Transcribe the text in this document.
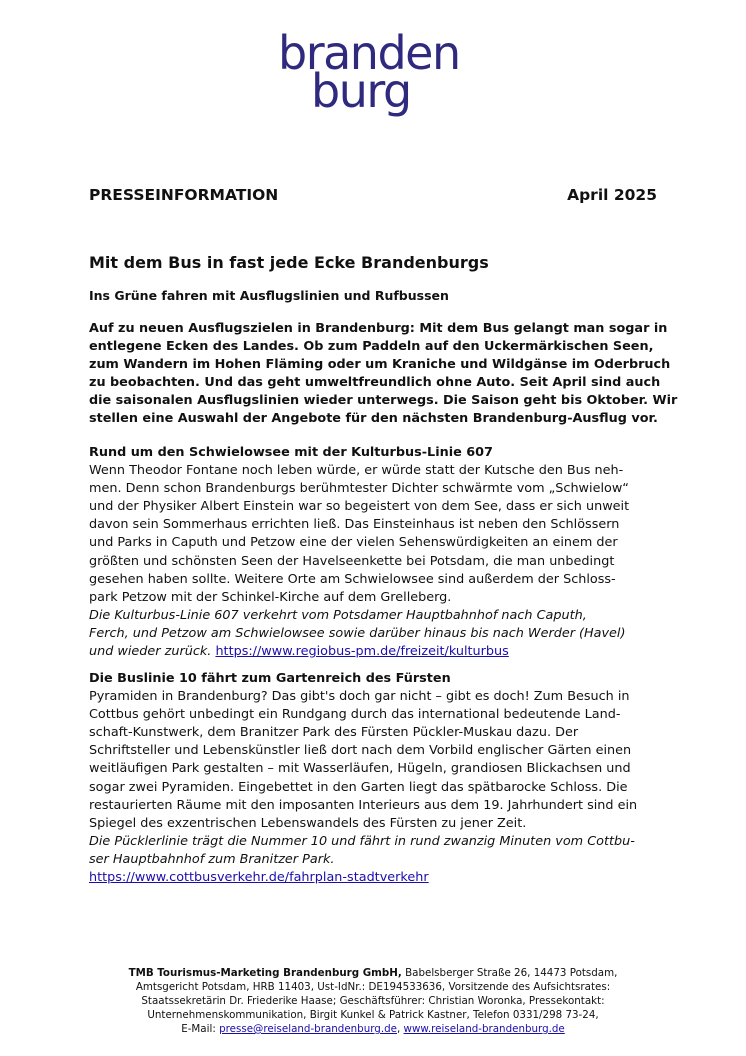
branden
burg
PRESSEINFORMATION	April 2025
Mit dem Bus in fast jede Ecke Brandenburgs
Ins Grüne fahren mit Ausflugslinien und Rufbussen
Auf zu neuen Ausflugszielen in Brandenburg: Mit dem Bus gelangt man sogar in
entlegene Ecken des Landes. Ob zum Paddeln auf den Uckermärkischen Seen,
zum Wandern im Hohen Fläming oder um Kraniche und Wildgänse im Oderbruch
zu beobachten. Und das geht umweltfreundlich ohne Auto. Seit April sind auch
die saisonalen Ausflugslinien wieder unterwegs. Die Saison geht bis Oktober. Wir
stellen eine Auswahl der Angebote für den nächsten Brandenburg-Ausflug vor.
Rund um den Schwielowsee mit der Kulturbus-Linie 607
Wenn Theodor Fontane noch leben würde, er würde statt der Kutsche den Bus neh-
men. Denn schon Brandenburgs berühmtester Dichter schwärmte vom „Schwielow“
und der Physiker Albert Einstein war so begeistert von dem See, dass er sich unweit
davon sein Sommerhaus errichten ließ. Das Einsteinhaus ist neben den Schlössern
und Parks in Caputh und Petzow eine der vielen Sehenswürdigkeiten an einem der
größten und schönsten Seen der Havelseenkette bei Potsdam, die man unbedingt
gesehen haben sollte. Weitere Orte am Schwielowsee sind außerdem der Schloss-
park Petzow mit der Schinkel-Kirche auf dem Grelleberg.
Die Kulturbus-Linie 607 verkehrt vom Potsdamer Hauptbahnhof nach Caputh,
Ferch, und Petzow am Schwielowsee sowie darüber hinaus bis nach Werder (Havel)
und wieder zurück. https://www.regiobus-pm.de/freizeit/kulturbus
Die Buslinie 10 fährt zum Gartenreich des Fürsten
Pyramiden in Brandenburg? Das gibt's doch gar nicht – gibt es doch! Zum Besuch in
Cottbus gehört unbedingt ein Rundgang durch das international bedeutende Land-
schaft-Kunstwerk, dem Branitzer Park des Fürsten Pückler-Muskau dazu. Der
Schriftsteller und Lebenskünstler ließ dort nach dem Vorbild englischer Gärten einen
weitläufigen Park gestalten – mit Wasserläufen, Hügeln, grandiosen Blickachsen und
sogar zwei Pyramiden. Eingebettet in den Garten liegt das spätbarocke Schloss. Die
restaurierten Räume mit den imposanten Interieurs aus dem 19. Jahrhundert sind ein
Spiegel des exzentrischen Lebenswandels des Fürsten zu jener Zeit.
Die Pücklerlinie trägt die Nummer 10 und fährt in rund zwanzig Minuten vom Cottbu-
ser Hauptbahnhof zum Branitzer Park.
https://www.cottbusverkehr.de/fahrplan-stadtverkehr
TMB Tourismus-Marketing Brandenburg GmbH, Babelsberger Straße 26, 14473 Potsdam,
Amtsgericht Potsdam, HRB 11403, Ust-IdNr.: DE194533636, Vorsitzende des Aufsichtsrates:
Staatssekretärin Dr. Friederike Haase; Geschäftsführer: Christian Woronka, Pressekontakt:
Unternehmenskommunikation, Birgit Kunkel & Patrick Kastner, Telefon 0331/298 73-24,
E-Mail: presse@reiseland-brandenburg.de, www.reiseland-brandenburg.de
